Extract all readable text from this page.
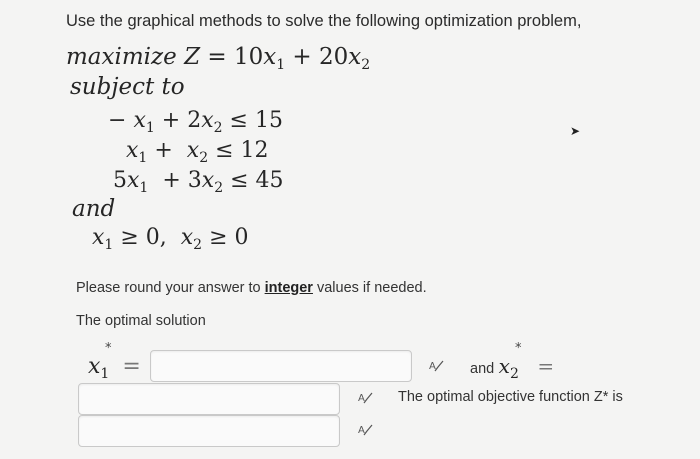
Use the graphical methods to solve the following optimization problem,
maximize $Z = 10x_1 + 20x_2$
subject to
− $x_1 + 2x_2 \le 15$
$x_1 + x_2 \le 12$
$5x_1 + 3x_2 \le 45$
and
$x_1 \ge 0$,  $x_2 \ge 0$
➤
Please round your answer to integer values if needed.
The optimal solution
$x_1$ =
*
A and $x_2$ =
*
A The optimal objective function Z* is
A
